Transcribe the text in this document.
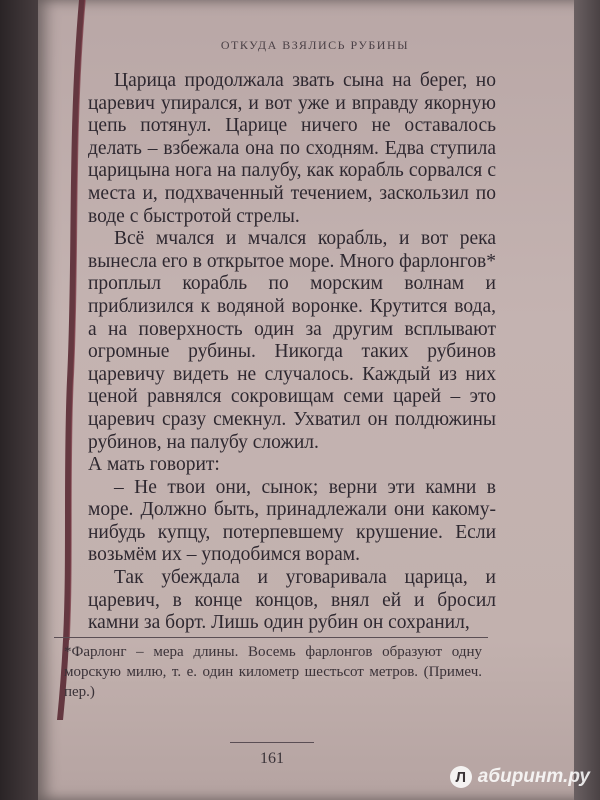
ОТКУДА ВЗЯЛИСЬ РУБИНЫ

Царица продолжала звать сына на берег, но царевич упирался, и вот уже и вправду якорную цепь потянул. Царице ничего не оставалось делать – взбежала она по сходням. Едва ступила царицына нога на палубу, как корабль сорвался с места и, подхваченный течением, заскользил по воде с быстротой стрелы.

Всё мчался и мчался корабль, и вот река вынесла его в открытое море. Много фарлонгов* проплыл корабль по морским волнам и приблизился к водяной воронке. Крутится вода, а на поверхность один за другим всплывают огромные рубины. Никогда таких рубинов царевичу видеть не случалось. Каждый из них ценой равнялся сокровищам семи царей – это царевич сразу смекнул. Ухватил он полдюжины рубинов, на палубу сложил.

А мать говорит:

– Не твои они, сынок; верни эти камни в море. Должно быть, принадлежали они какому-нибудь купцу, потерпевшему крушение. Если возьмём их – уподобимся ворам.

Так убеждала и уговаривала царица, и царевич, в конце концов, внял ей и бросил камни за борт. Лишь один рубин он сохранил,

*Фарлонг – мера длины. Восемь фарлонгов образуют одну морскую милю, т. е. один километр шестьсот метров. (Примеч. пер.)

161
Л абиринт.ру
